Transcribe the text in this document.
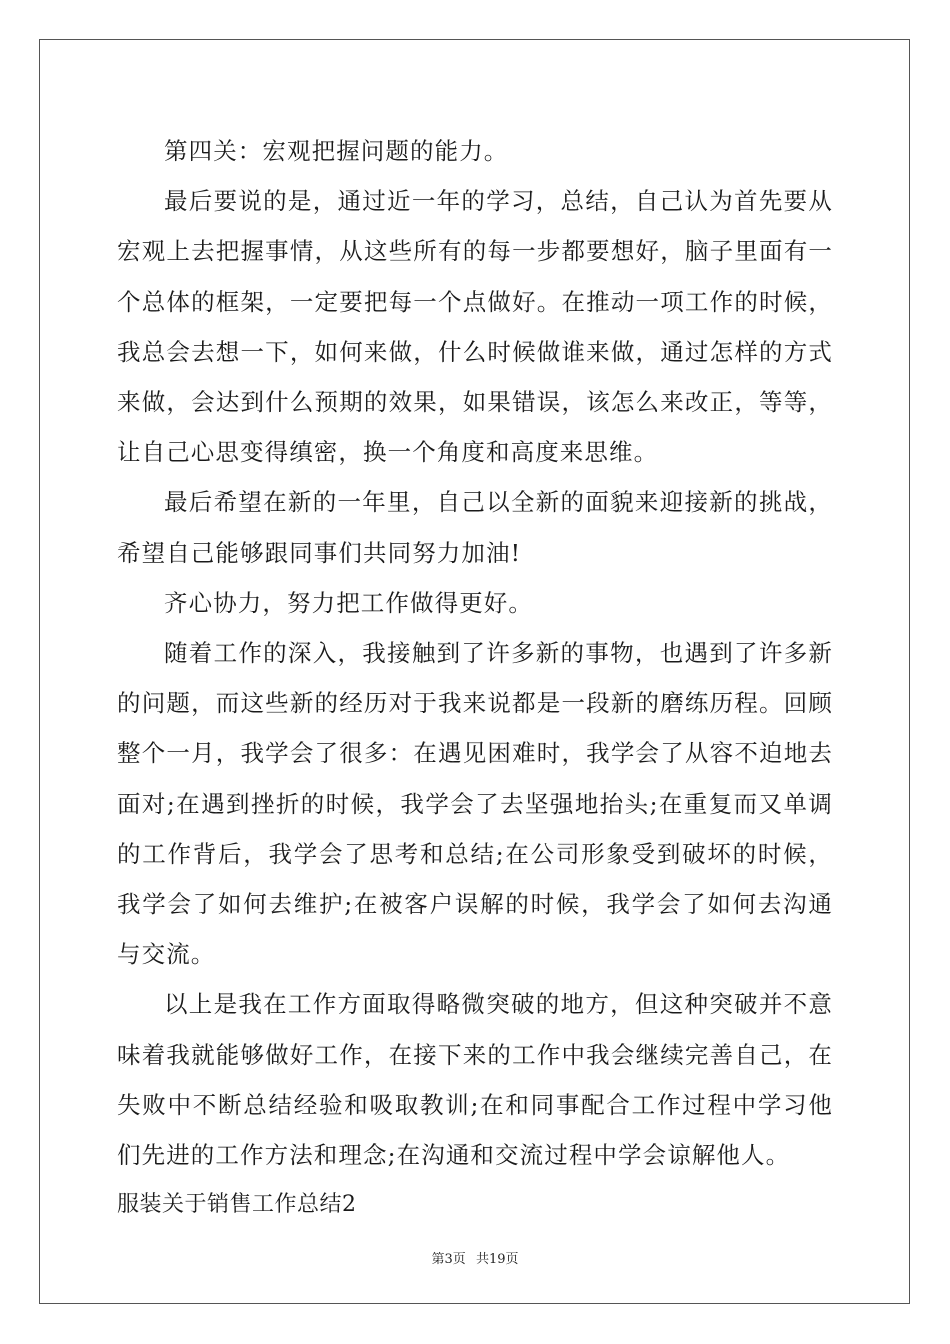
第四关：宏观把握问题的能力。

最后要说的是，通过近一年的学习，总结，自己认为首先要从宏观上去把握事情，从这些所有的每一步都要想好，脑子里面有一个总体的框架，一定要把每一个点做好。在推动一项工作的时候，我总会去想一下，如何来做，什么时候做谁来做，通过怎样的方式来做，会达到什么预期的效果，如果错误，该怎么来改正，等等，让自己心思变得缜密，换一个角度和高度来思维。

最后希望在新的一年里，自己以全新的面貌来迎接新的挑战，希望自己能够跟同事们共同努力加油!

齐心协力，努力把工作做得更好。

随着工作的深入，我接触到了许多新的事物，也遇到了许多新的问题，而这些新的经历对于我来说都是一段新的磨练历程。回顾整个一月，我学会了很多：在遇见困难时，我学会了从容不迫地去面对;在遇到挫折的时候，我学会了去坚强地抬头;在重复而又单调的工作背后，我学会了思考和总结;在公司形象受到破坏的时候，我学会了如何去维护;在被客户误解的时候，我学会了如何去沟通与交流。

以上是我在工作方面取得略微突破的地方，但这种突破并不意味着我就能够做好工作，在接下来的工作中我会继续完善自己，在失败中不断总结经验和吸取教训;在和同事配合工作过程中学习他们先进的工作方法和理念;在沟通和交流过程中学会谅解他人。

服装关于销售工作总结2

第3页 共19页
